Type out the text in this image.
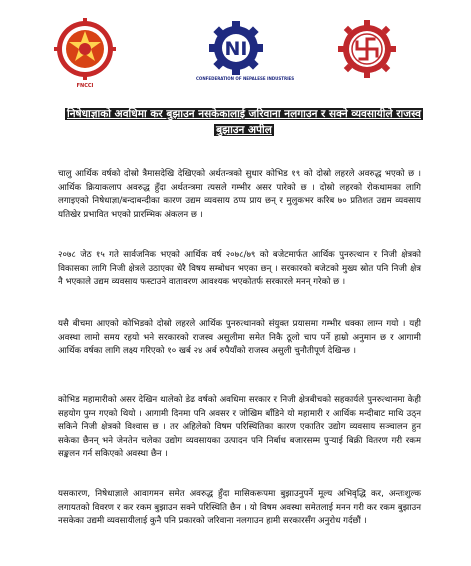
FNCCI
NI
CONFEDERATION OF NEPALESE INDUSTRIES
निषेधाज्ञाको अवधिमा कर बुझाउन नसकेकालाई जरिवाना नलगाउन र सक्ने व्यवसायीले राजस्व बुझाउन अपील

चालु आर्थिक वर्षको दोस्रो त्रैमासदेखि देखिएको अर्थतन्त्रको सुधार कोभिड १९ को दोस्रो लहरले अवरुद्ध भएको छ । आर्थिक क्रियाकलाप अवरुद्ध हुँदा अर्थतन्त्रमा त्यसले गम्भीर असर पारेको छ । दोस्रो लहरको रोकथामका लागि लगाइएको निषेधाज्ञा/बन्दाबन्दीका कारण उद्यम व्यवसाय ठप्प प्राय छन् र मुलुकभर करिब ७० प्रतिशत उद्यम व्यवसाय यतिखेर प्रभावित भएको प्रारम्भिक अंकलन छ ।

२०७८ जेठ १५ गते सार्वजनिक भएको आर्थिक वर्ष २०७८/७९ को बजेटमार्फत आर्थिक पुनरुत्थान र निजी क्षेत्रको विकासका लागि निजी क्षेत्रले उठाएका धेरै विषय सम्बोधन भएका छन् । सरकारको बजेटको मुख्य स्रोत पनि निजी क्षेत्र नै भएकाले उद्यम व्यवसाय फस्टाउने वातावरण आवश्यक भएकोतर्फ सरकारले मनन् गरेको छ ।

यसै बीचमा आएको कोभिडको दोस्रो लहरले आर्थिक पुनरुत्थानको संयुक्त प्रयासमा गम्भीर धक्का लाग्न गयो । यही अवस्था लामो समय रहयो भने सरकारको राजस्व असुलीमा समेत निकै ठूलो चाप पर्ने हाम्रो अनुमान छ र आगामी आर्थिक वर्षका लागि लक्ष्य गरिएको १० खर्ब २४ अर्ब रुपैयाँको राजस्व असुली चुनौतीपूर्ण देखिन्छ ।

कोभिड महामारीको असर देखिन थालेको डेढ वर्षको अवधिमा सरकार र निजी क्षेत्रबीचको सहकार्यले पुनरुत्थानमा केही सहयोग पुग्न गएको थियो । आगामी दिनमा पनि अवसर र जोखिम बाँडिने यो महामारी र आर्थिक मन्दीबाट माथि उठ्न सकिने निजी क्षेत्रको विश्वास छ । तर अहिलेको विषम परिस्थितिका कारण एकातिर उद्योग व्यवसाय सञ्चालन हुन सकेका छैनन् भने जेनतेन चलेका उद्योग व्यवसायका उत्पादन पनि निर्बाध बजारसम्म पुऱ्याई बिक्री वितरण गरी रकम सङ्कलन गर्न सकिएको अवस्था छैन ।

यसकारण, निषेधाज्ञाले आवागमन समेत अवरुद्ध हुँदा मासिकरूपमा बुझाउनुपर्ने मूल्य अभिवृद्धि कर, अन्तःशुल्क लगायतको विवरण र कर रकम बुझाउन सक्ने परिस्थिति छैन । यो विषम अवस्था समेतलाई मनन गरी कर रकम बुझाउन नसकेका उद्यमी व्यवसायीलाई कुनै पनि प्रकारको जरिवाना नलगाउन हामी सरकारसँग अनुरोध गर्दछौं ।
